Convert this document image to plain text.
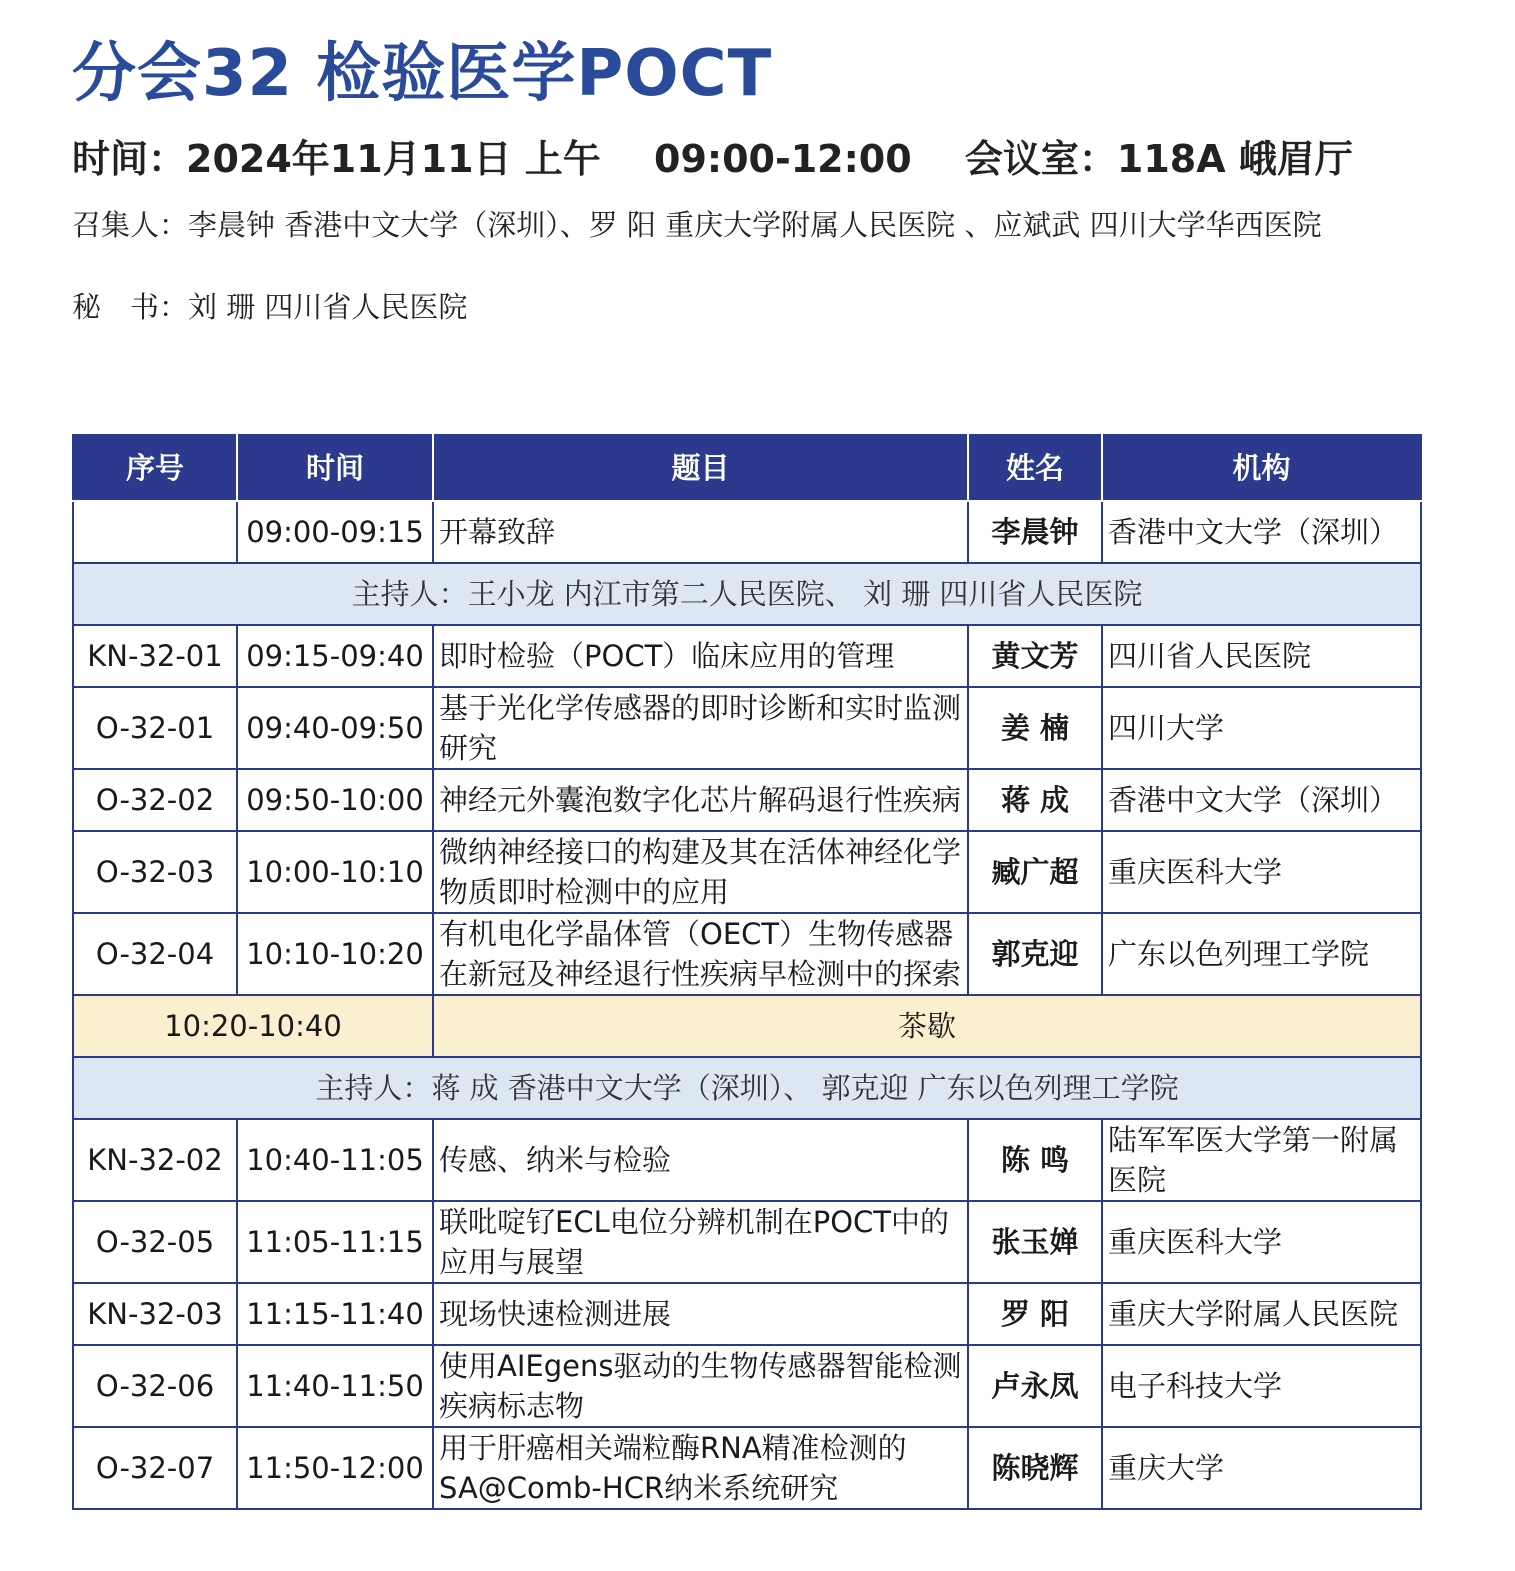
分会32 检验医学POCT
时间：2024年11月11日 上午 09:00-12:00 会议室：118A 峨眉厅
召集人：李晨钟 香港中文大学（深圳）、罗 阳 重庆大学附属人民医院 、应斌武 四川大学华西医院
秘　书：刘 珊 四川省人民医院
序号	时间	题目	姓名	机构
	09:00-09:15	开幕致辞	李晨钟	香港中文大学（深圳）
主持人：王小龙 内江市第二人民医院、 刘 珊 四川省人民医院				
KN-32-01	09:15-09:40	即时检验（POCT）临床应用的管理	黄文芳	四川省人民医院
O-32-01	09:40-09:50	基于光化学传感器的即时诊断和实时监测研究	姜 楠	四川大学
O-32-02	09:50-10:00	神经元外囊泡数字化芯片解码退行性疾病	蒋 成	香港中文大学（深圳）
O-32-03	10:00-10:10	微纳神经接口的构建及其在活体神经化学物质即时检测中的应用	臧广超	重庆医科大学
O-32-04	10:10-10:20	有机电化学晶体管（OECT）生物传感器在新冠及神经退行性疾病早检测中的探索	郭克迎	广东以色列理工学院
10:20-10:40		茶歇		
主持人：蒋 成 香港中文大学（深圳）、 郭克迎 广东以色列理工学院				
KN-32-02	10:40-11:05	传感、纳米与检验	陈 鸣	陆军军医大学第一附属医院
O-32-05	11:05-11:15	联吡啶钌ECL电位分辨机制在POCT中的应用与展望	张玉婵	重庆医科大学
KN-32-03	11:15-11:40	现场快速检测进展	罗 阳	重庆大学附属人民医院
O-32-06	11:40-11:50	使用AIEgens驱动的生物传感器智能检测疾病标志物	卢永凤	电子科技大学
O-32-07	11:50-12:00	用于肝癌相关端粒酶RNA精准检测的SA@Comb-HCR纳米系统研究	陈晓辉	重庆大学
